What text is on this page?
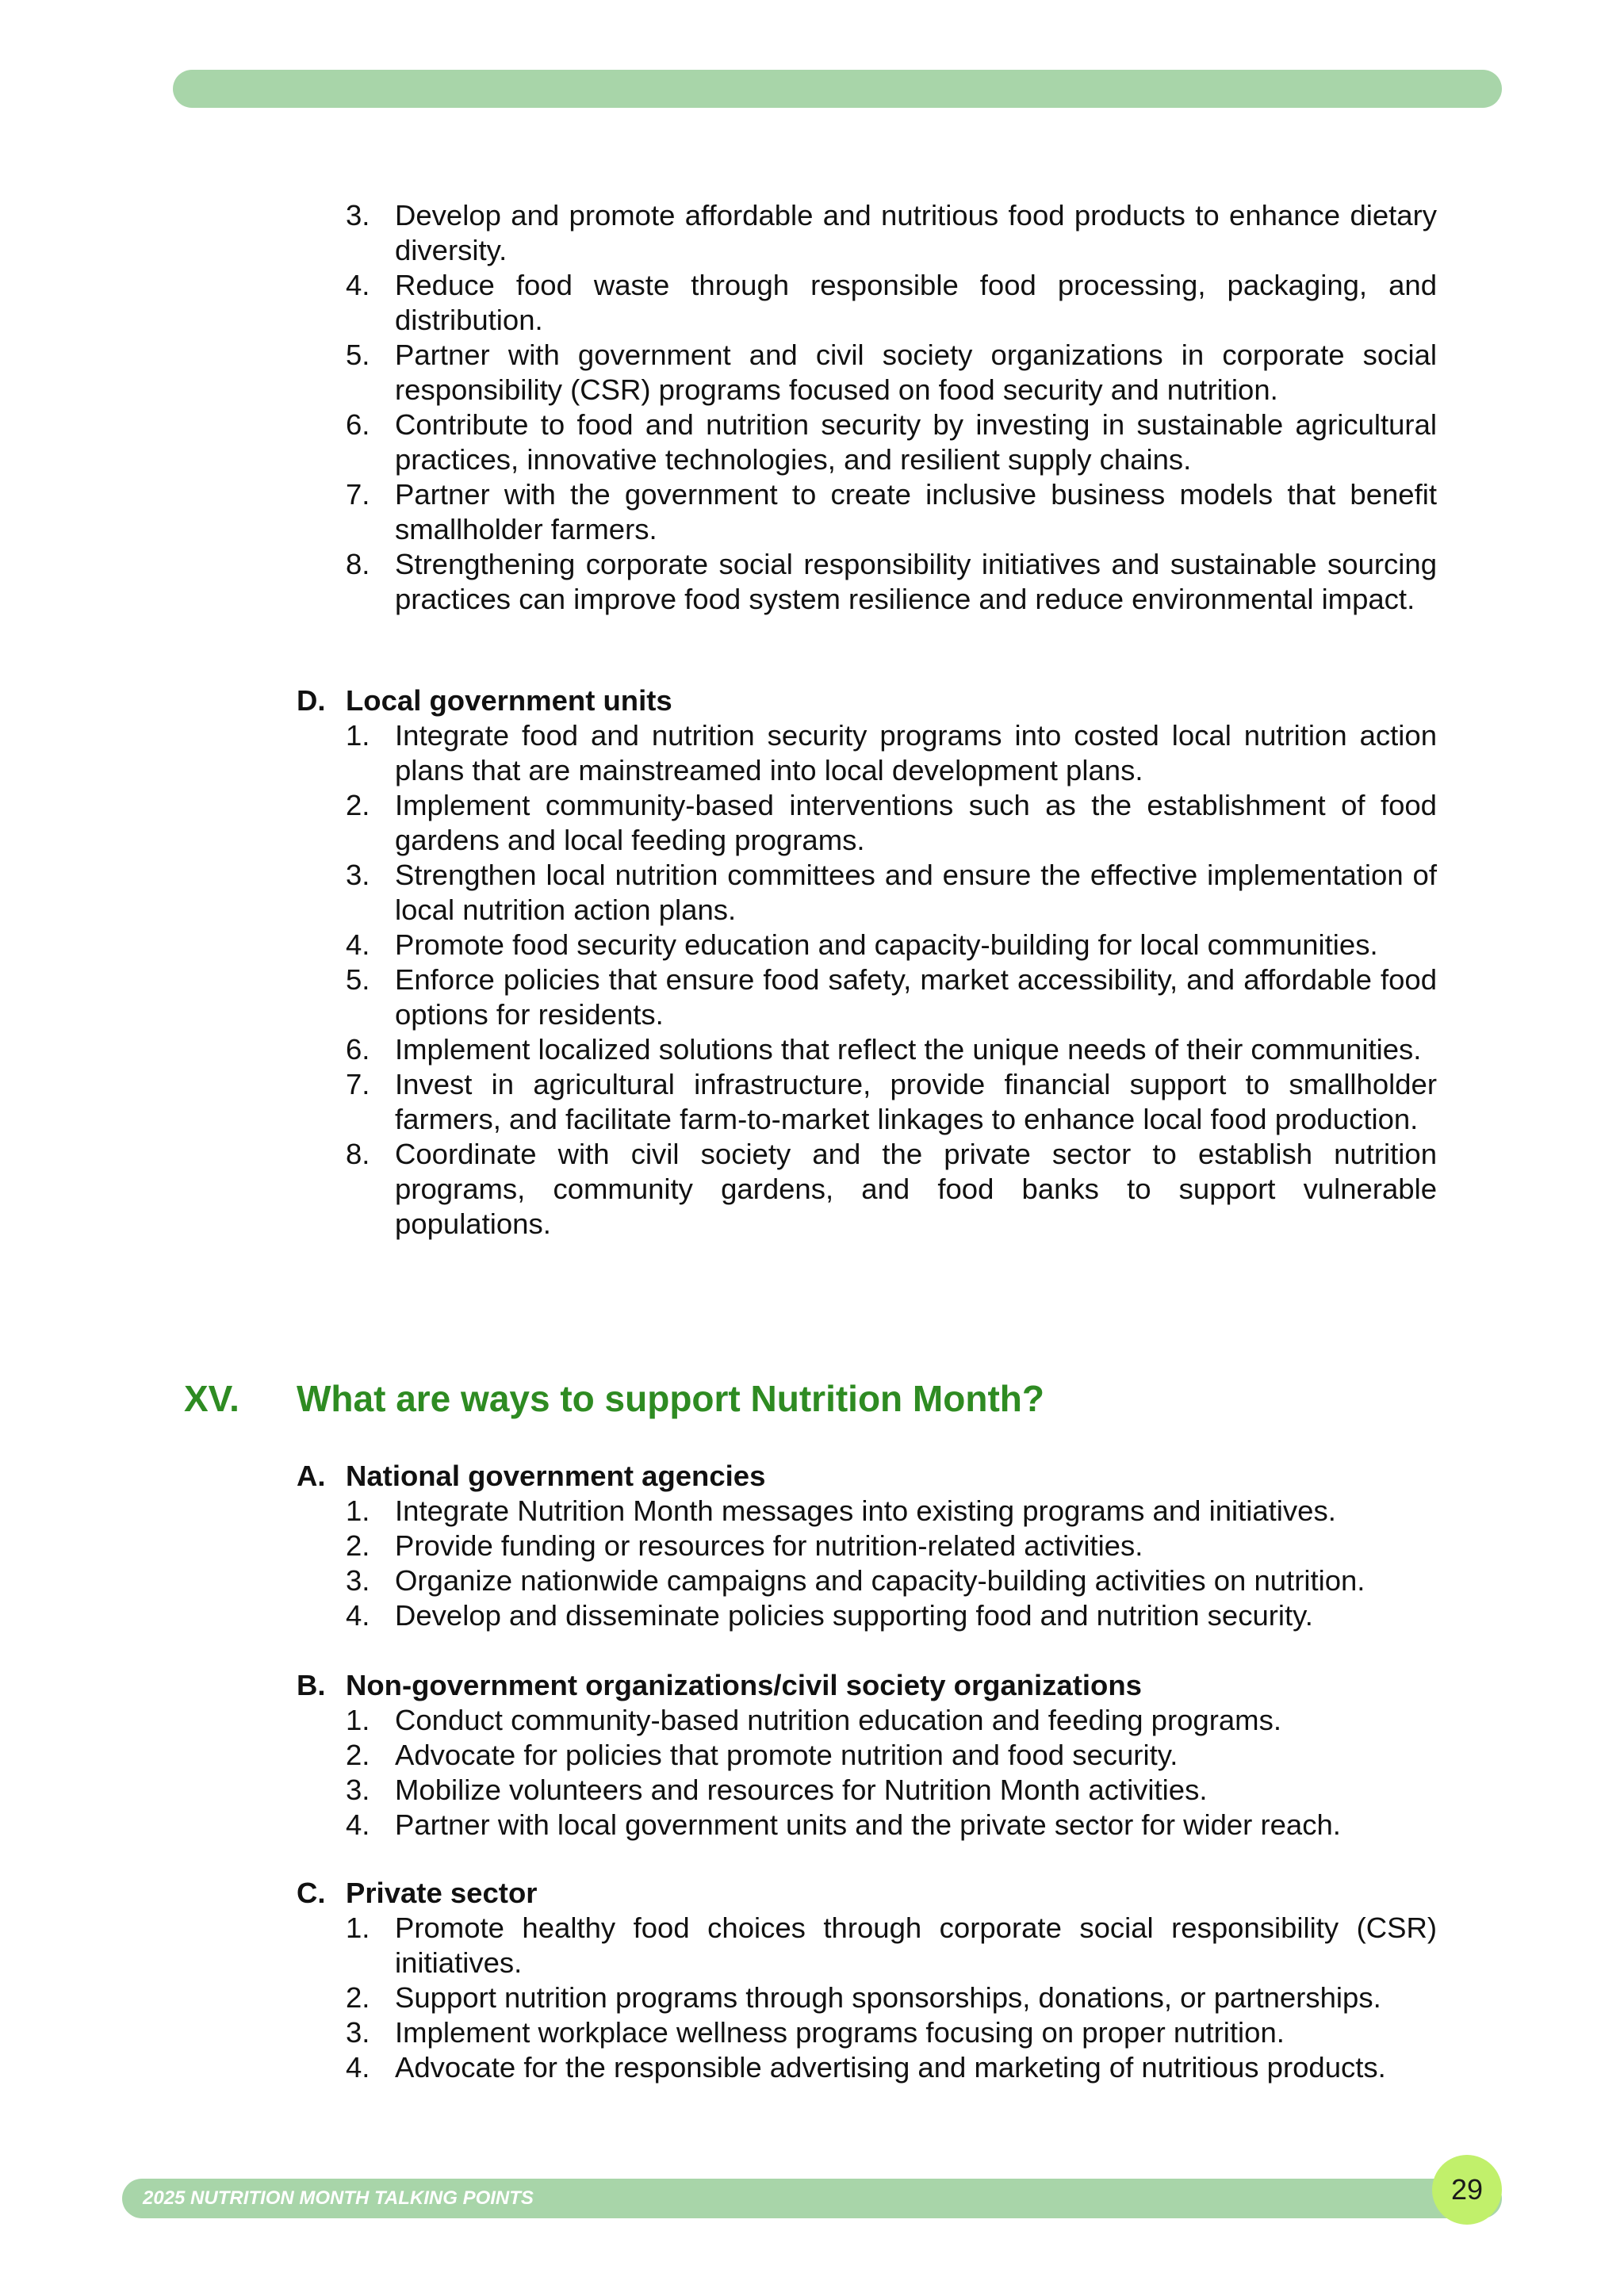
3. Develop and promote affordable and nutritious food products to enhance dietary diversity.
4. Reduce food waste through responsible food processing, packaging, and distribution.
5. Partner with government and civil society organizations in corporate social responsibility (CSR) programs focused on food security and nutrition.
6. Contribute to food and nutrition security by investing in sustainable agricultural practices, innovative technologies, and resilient supply chains.
7. Partner with the government to create inclusive business models that benefit smallholder farmers.
8. Strengthening corporate social responsibility initiatives and sustainable sourcing practices can improve food system resilience and reduce environmental impact.
D. Local government units
1. Integrate food and nutrition security programs into costed local nutrition action plans that are mainstreamed into local development plans.
2. Implement community-based interventions such as the establishment of food gardens and local feeding programs.
3. Strengthen local nutrition committees and ensure the effective implementation of local nutrition action plans.
4. Promote food security education and capacity-building for local communities.
5. Enforce policies that ensure food safety, market accessibility, and affordable food options for residents.
6. Implement localized solutions that reflect the unique needs of their communities.
7. Invest in agricultural infrastructure, provide financial support to smallholder farmers, and facilitate farm-to-market linkages to enhance local food production.
8. Coordinate with civil society and the private sector to establish nutrition programs, community gardens, and food banks to support vulnerable populations.
XV. What are ways to support Nutrition Month?
A. National government agencies
1. Integrate Nutrition Month messages into existing programs and initiatives.
2. Provide funding or resources for nutrition-related activities.
3. Organize nationwide campaigns and capacity-building activities on nutrition.
4. Develop and disseminate policies supporting food and nutrition security.
B. Non-government organizations/civil society organizations
1. Conduct community-based nutrition education and feeding programs.
2. Advocate for policies that promote nutrition and food security.
3. Mobilize volunteers and resources for Nutrition Month activities.
4. Partner with local government units and the private sector for wider reach.
C. Private sector
1. Promote healthy food choices through corporate social responsibility (CSR) initiatives.
2. Support nutrition programs through sponsorships, donations, or partnerships.
3. Implement workplace wellness programs focusing on proper nutrition.
4. Advocate for the responsible advertising and marketing of nutritious products.
2025 NUTRITION MONTH TALKING POINTS	29
